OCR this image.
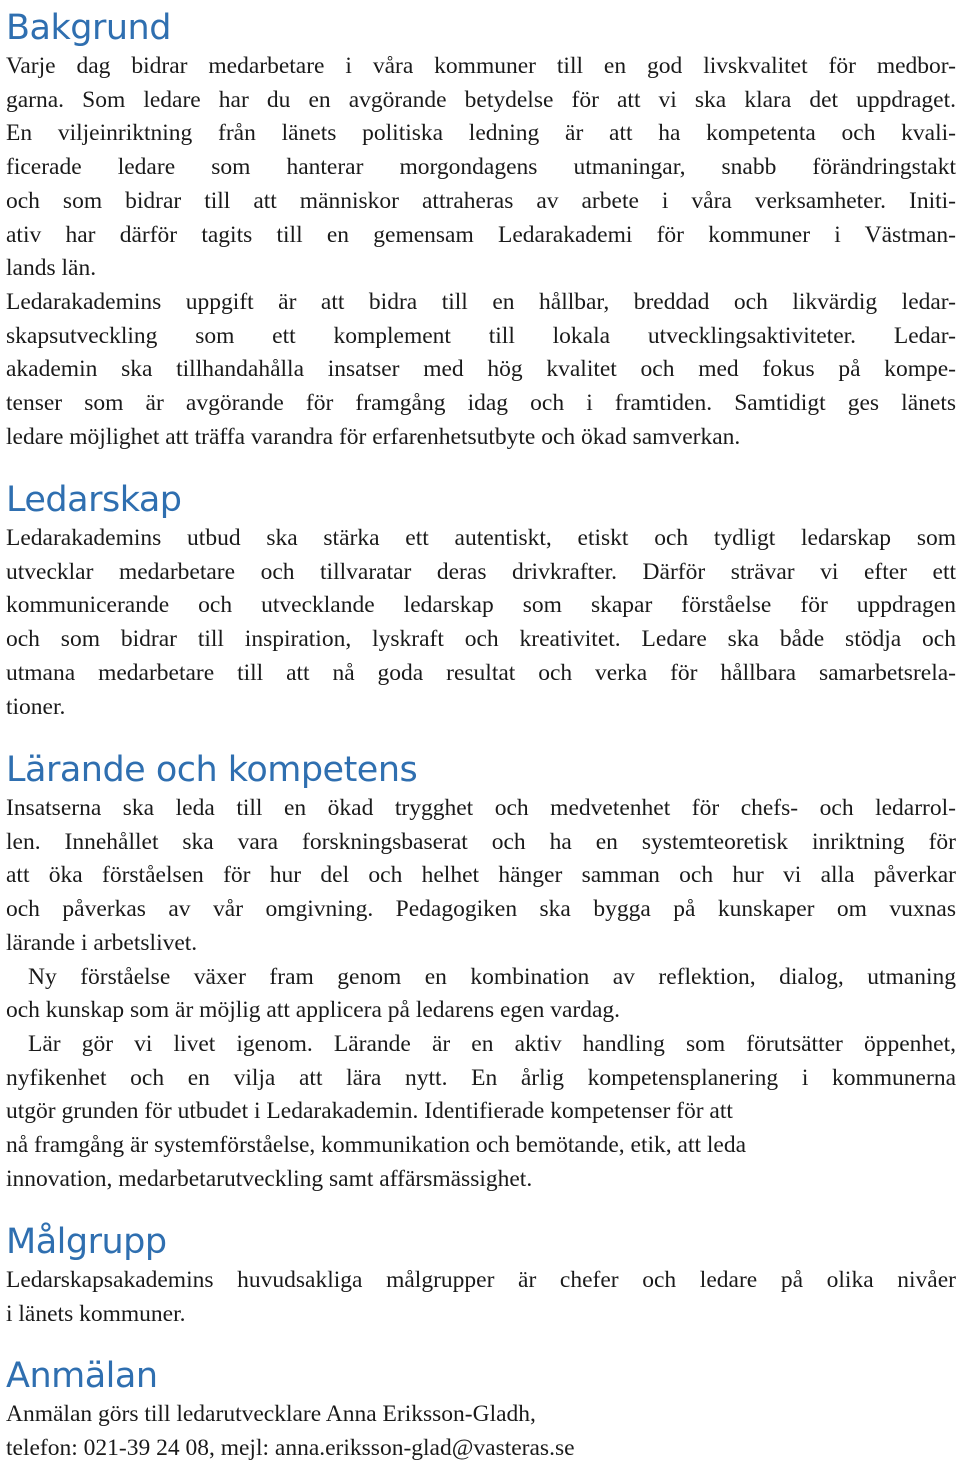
Bakgrund

Varje dag bidrar medarbetare i våra kommuner till en god livskvalitet för medbor-
garna. Som ledare har du en avgörande betydelse för att vi ska klara det uppdraget.
En viljeinriktning från länets politiska ledning är att ha kompetenta och kvali-
ficerade ledare som hanterar morgondagens utmaningar, snabb förändringstakt
och som bidrar till att människor attraheras av arbete i våra verksamheter. Initi-
ativ har därför tagits till en gemensam Ledarakademi för kommuner i Västman-
lands län.

Ledarakademins uppgift är att bidra till en hållbar, breddad och likvärdig ledar-
skapsutveckling som ett komplement till lokala utvecklingsaktiviteter. Ledar-
akademin ska tillhandahålla insatser med hög kvalitet och med fokus på kompe-
tenser som är avgörande för framgång idag och i framtiden. Samtidigt ges länets
ledare möjlighet att träffa varandra för erfarenhetsutbyte och ökad samverkan.

Ledarskap

Ledarakademins utbud ska stärka ett autentiskt, etiskt och tydligt ledarskap som
utvecklar medarbetare och tillvaratar deras drivkrafter. Därför strävar vi efter ett
kommunicerande och utvecklande ledarskap som skapar förståelse för uppdragen
och som bidrar till inspiration, lyskraft och kreativitet. Ledare ska både stödja och
utmana medarbetare till att nå goda resultat och verka för hållbara samarbetsrela-
tioner.

Lärande och kompetens

Insatserna ska leda till en ökad trygghet och medvetenhet för chefs- och ledarrol-
len. Innehållet ska vara forskningsbaserat och ha en systemteoretisk inriktning för
att öka förståelsen för hur del och helhet hänger samman och hur vi alla påverkar
och påverkas av vår omgivning. Pedagogiken ska bygga på kunskaper om vuxnas
lärande i arbetslivet.

Ny förståelse växer fram genom en kombination av reflektion, dialog, utmaning
och kunskap som är möjlig att applicera på ledarens egen vardag.

Lär gör vi livet igenom. Lärande är en aktiv handling som förutsätter öppenhet,
nyfikenhet och en vilja att lära nytt. En årlig kompetensplanering i kommunerna
utgör grunden för utbudet i Ledarakademin. Identifierade kompetenser för att
nå framgång är systemförståelse, kommunikation och bemötande, etik, att leda
innovation, medarbetarutveckling samt affärsmässighet.

Målgrupp

Ledarskapsakademins huvudsakliga målgrupper är chefer och ledare på olika nivåer
i länets kommuner.

Anmälan

Anmälan görs till ledarutvecklare Anna Eriksson-Gladh,
telefon: 021-39 24 08, mejl: anna.eriksson-glad@vasteras.se
